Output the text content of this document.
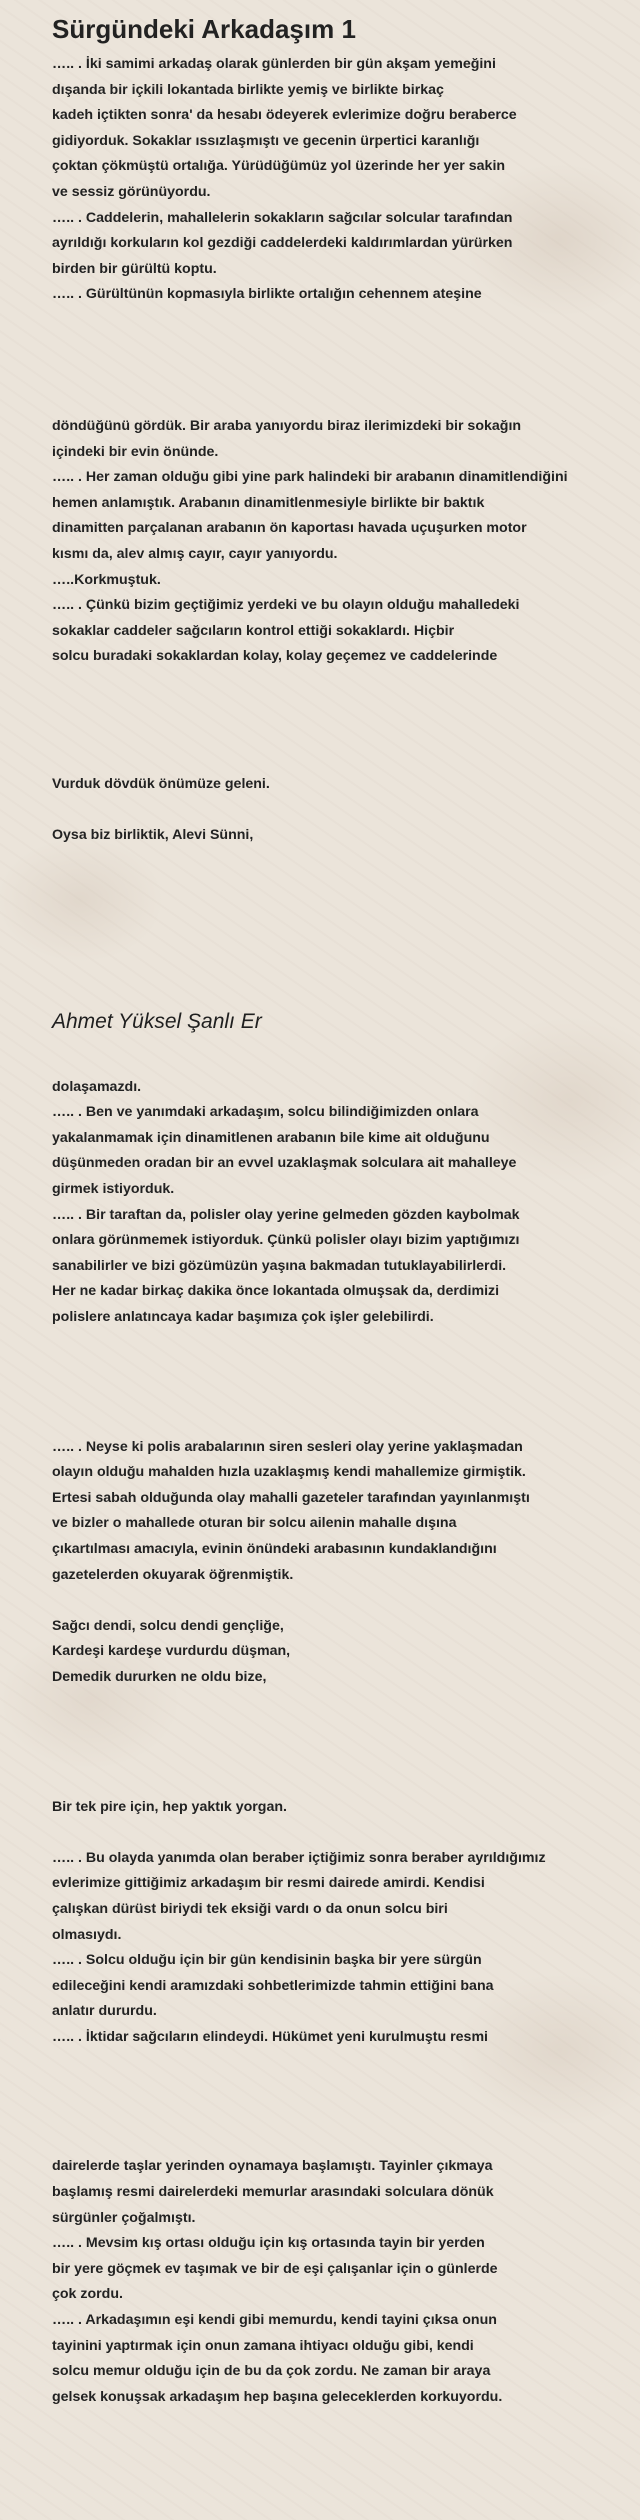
Sürgündeki Arkadaşım 1

….. . İki samimi arkadaş olarak günlerden bir gün akşam yemeğini
dışanda bir içkili lokantada birlikte yemiş ve birlikte birkaç
kadeh içtikten sonra' da hesabı ödeyerek evlerimize doğru beraberce
gidiyorduk. Sokaklar ıssızlaşmıştı ve gecenin ürpertici karanlığı
çoktan çökmüştü ortalığa. Yürüdüğümüz yol üzerinde her yer sakin
ve sessiz görünüyordu.
….. . Caddelerin, mahallelerin sokakların sağcılar solcular tarafından
ayrıldığı korkuların kol gezdiği caddelerdeki kaldırımlardan yürürken
birden bir gürültü koptu.
….. . Gürültünün kopmasıyla birlikte ortalığın cehennem ateşine

döndüğünü gördük. Bir araba yanıyordu biraz ilerimizdeki bir sokağın
içindeki bir evin önünde.
….. . Her zaman olduğu gibi yine park halindeki bir arabanın dinamitlendiğini
hemen anlamıştık. Arabanın dinamitlenmesiyle birlikte bir baktık
dinamitten parçalanan arabanın ön kaportası havada uçuşurken motor
kısmı da, alev almış cayır, cayır yanıyordu.
…..Korkmuştuk.
….. . Çünkü bizim geçtiğimiz yerdeki ve bu olayın olduğu mahalledeki
sokaklar caddeler sağcıların kontrol ettiği sokaklardı. Hiçbir
solcu buradaki sokaklardan kolay, kolay geçemez ve caddelerinde

Vurduk dövdük önümüze geleni.

Oysa biz birliktik, Alevi Sünni,

Ahmet Yüksel Şanlı Er

dolaşamazdı.
….. . Ben ve yanımdaki arkadaşım, solcu bilindiğimizden onlara
yakalanmamak için dinamitlenen arabanın bile kime ait olduğunu
düşünmeden oradan bir an evvel uzaklaşmak solculara ait mahalleye
girmek istiyorduk.
….. . Bir taraftan da, polisler olay yerine gelmeden gözden kaybolmak
onlara görünmemek istiyorduk. Çünkü polisler olayı bizim yaptığımızı
sanabilirler ve bizi gözümüzün yaşına bakmadan tutuklayabilirlerdi.
Her ne kadar birkaç dakika önce lokantada olmuşsak da, derdimizi
polislere anlatıncaya kadar başımıza çok işler gelebilirdi.

….. . Neyse ki polis arabalarının siren sesleri olay yerine yaklaşmadan
olayın olduğu mahalden hızla uzaklaşmış kendi mahallemize girmiştik.
Ertesi sabah olduğunda olay mahalli gazeteler tarafından yayınlanmıştı
ve bizler o mahallede oturan bir solcu ailenin mahalle dışına
çıkartılması amacıyla, evinin önündeki arabasının kundaklandığını
gazetelerden okuyarak öğrenmiştik.

Sağcı dendi, solcu dendi gençliğe,
Kardeşi kardeşe vurdurdu düşman,
Demedik dururken ne oldu bize,

Bir tek pire için, hep yaktık yorgan.

….. . Bu olayda yanımda olan beraber içtiğimiz sonra beraber ayrıldığımız
evlerimize gittiğimiz arkadaşım bir resmi dairede amirdi. Kendisi
çalışkan dürüst biriydi tek eksiği vardı o da onun solcu biri
olmasıydı.
….. . Solcu olduğu için bir gün kendisinin başka bir yere sürgün
edileceğini kendi aramızdaki sohbetlerimizde tahmin ettiğini bana
anlatır dururdu.
….. . İktidar sağcıların elindeydi. Hükümet yeni kurulmuştu resmi

dairelerde taşlar yerinden oynamaya başlamıştı. Tayinler çıkmaya
başlamış resmi dairelerdeki memurlar arasındaki solculara dönük
sürgünler çoğalmıştı.
….. . Mevsim kış ortası olduğu için kış ortasında tayin bir yerden
bir yere göçmek ev taşımak ve bir de eşi çalışanlar için o günlerde
çok zordu.
….. . Arkadaşımın eşi kendi gibi memurdu, kendi tayini çıksa onun
tayinini yaptırmak için onun zamana ihtiyacı olduğu gibi, kendi
solcu memur olduğu için de bu da çok zordu. Ne zaman bir araya
gelsek konuşsak arkadaşım hep başına geleceklerden korkuyordu.
